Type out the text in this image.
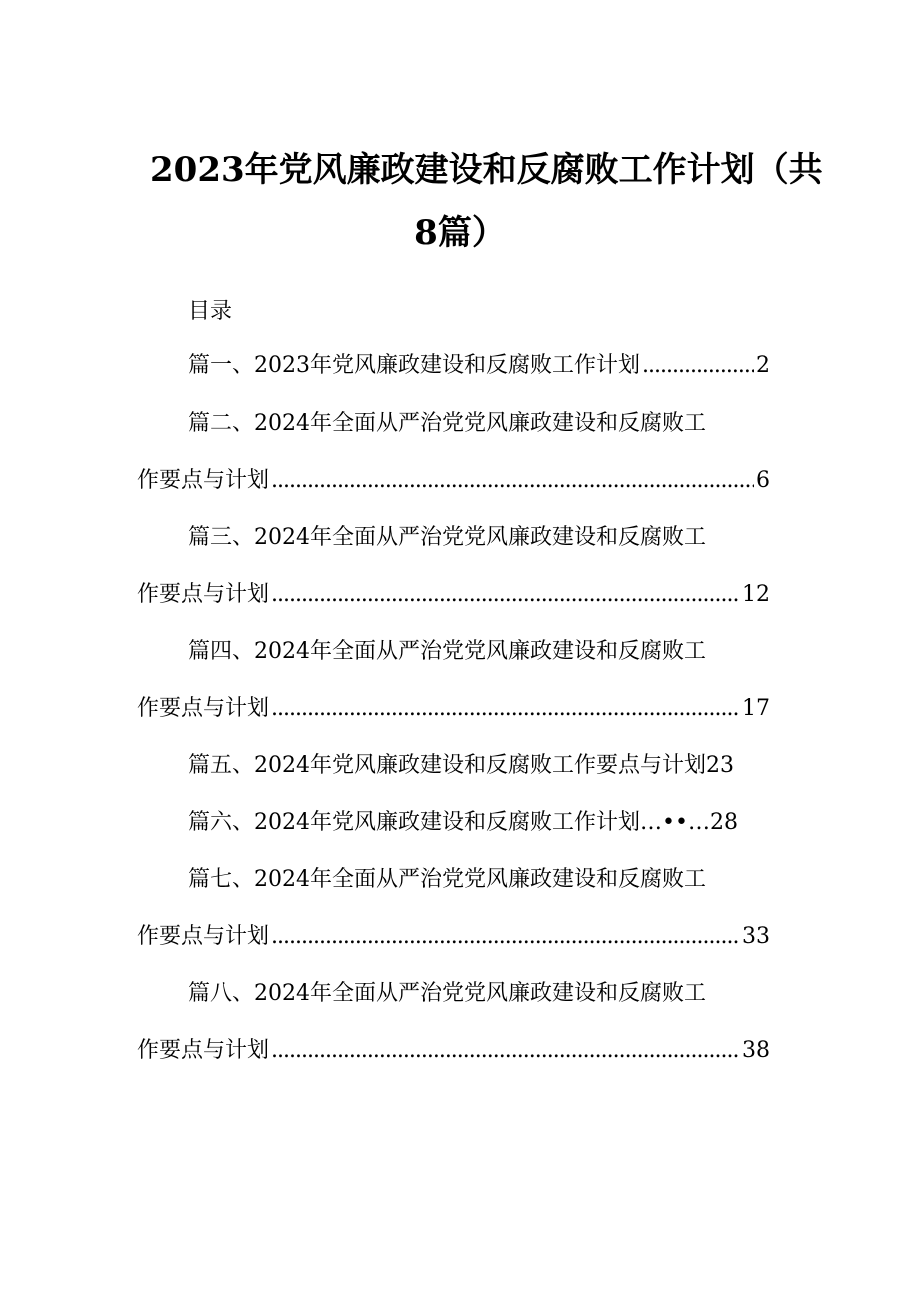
2023年党风廉政建设和反腐败工作计划（共
8篇）
目录
篇一、2023年党风廉政建设和反腐败工作计划 .....	2
篇二、2024年全面从严治党党风廉政建设和反腐败工
作要点与计划 .....	6
篇三、2024年全面从严治党党风廉政建设和反腐败工
作要点与计划 .....	12
篇四、2024年全面从严治党党风廉政建设和反腐败工
作要点与计划 .....	17
篇五、2024年党风廉政建设和反腐败工作要点与计划 23
篇六、2024年党风廉政建设和反腐败工作计划…••… 28
篇七、2024年全面从严治党党风廉政建设和反腐败工
作要点与计划 .....	33
篇八、2024年全面从严治党党风廉政建设和反腐败工
作要点与计划 .....	38
